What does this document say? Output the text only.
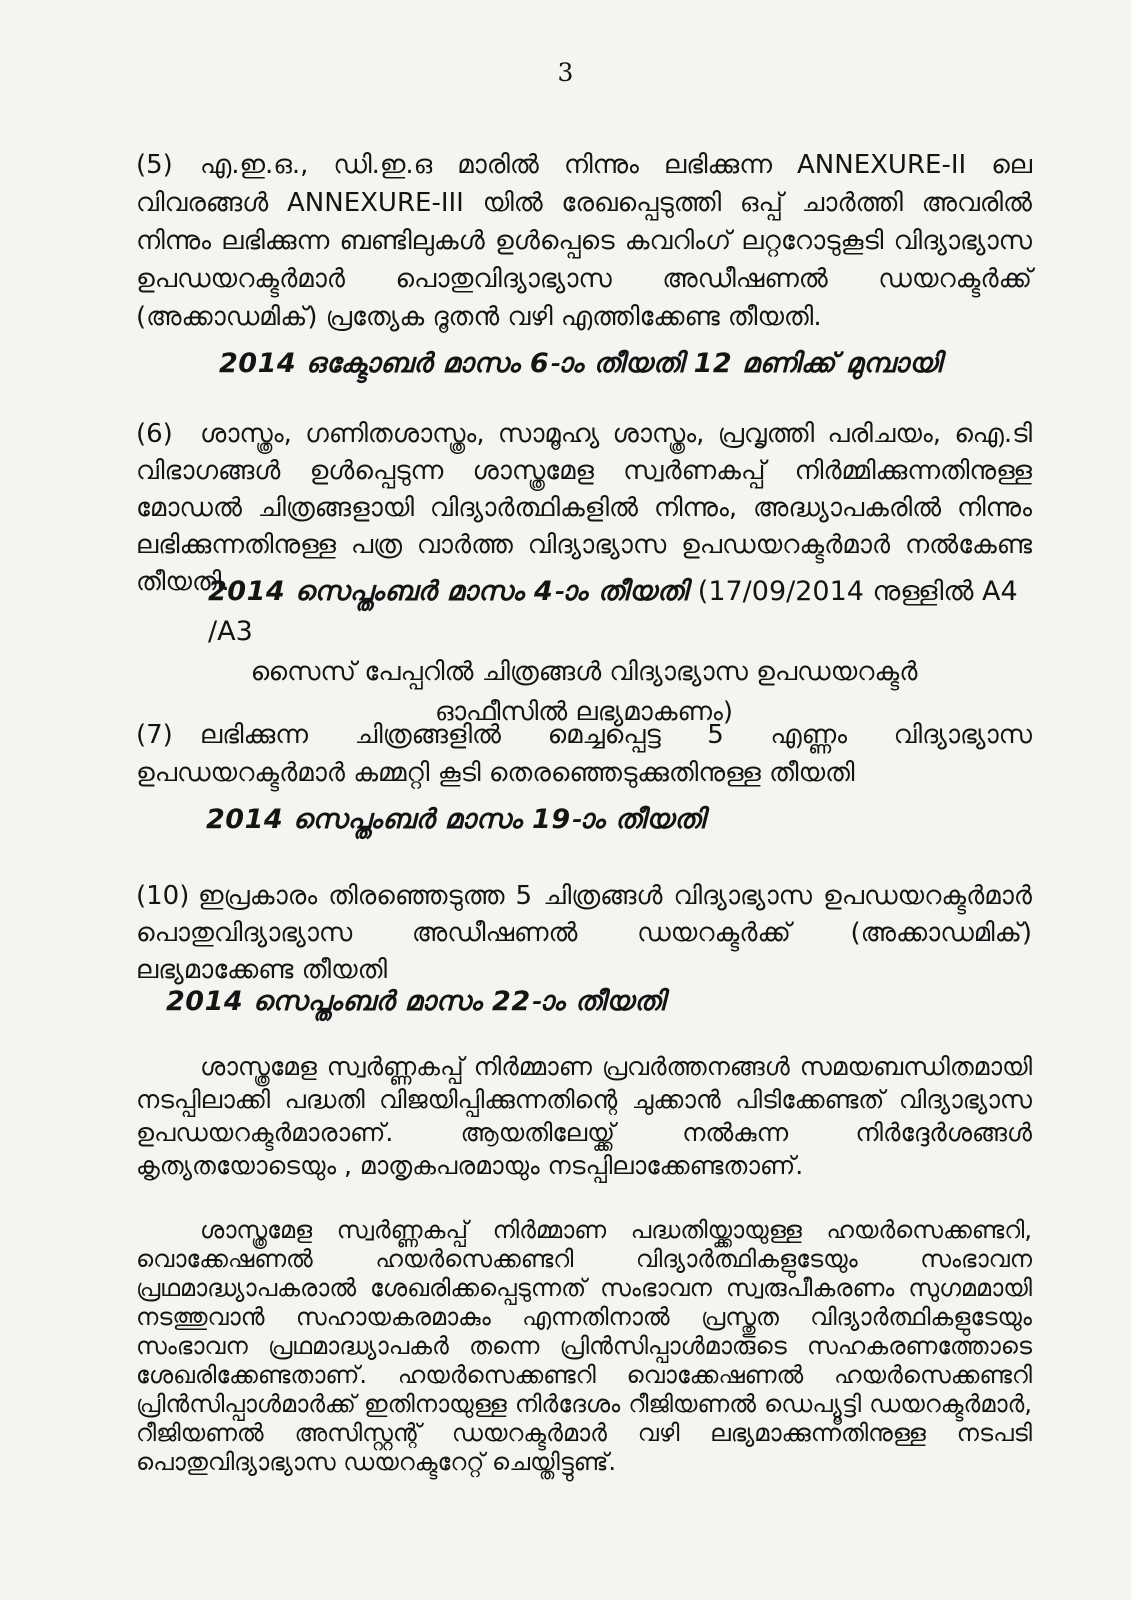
3

(5) എ.ഇ.ഒ., ഡി.ഇ.ഒ മാരിൽ നിന്നും ലഭിക്കുന്ന ANNEXURE-II ലെ വിവരങ്ങൾ ANNEXURE-III യിൽ രേഖപ്പെടുത്തി ഒപ്പ് ചാർത്തി അവരിൽ നിന്നും ലഭിക്കുന്ന ബണ്ടിലുകൾ ഉൾപ്പെടെ കവറിംഗ് ലറ്ററോടുകൂടി വിദ്യാഭ്യാസ ഉപഡയറക്ടർമാർ പൊതുവിദ്യാഭ്യാസ അഡീഷണൽ ഡയറക്ടർക്ക് (അക്കാഡമിക്) പ്രത്യേക ദൂതൻ വഴി എത്തിക്കേണ്ട തീയതി.

2014 ഒക്ടോബർ മാസം 6-ാം തീയതി 12 മണിക്ക് മുമ്പായി

(6) ശാസ്ത്രം, ഗണിതശാസ്ത്രം, സാമൂഹ്യ ശാസ്ത്രം, പ്രവൃത്തി പരിചയം, ഐ.ടി വിഭാഗങ്ങൾ ഉൾപ്പെടുന്ന ശാസ്ത്രമേള സ്വർണകപ്പ് നിർമ്മിക്കുന്നതിനുള്ള മോഡൽ ചിത്രങ്ങളായി വിദ്യാർത്ഥികളിൽ നിന്നും, അദ്ധ്യാപകരിൽ നിന്നും ലഭിക്കുന്നതിനുള്ള പത്ര വാർത്ത വിദ്യാഭ്യാസ ഉപഡയറക്ടർമാർ നൽകേണ്ട തീയതി.

2014 സെപ്തംബർ മാസം 4-ാം തീയതി (17/09/2014 നുള്ളിൽ A4 /A3

സൈസ് പേപ്പറിൽ ചിത്രങ്ങൾ വിദ്യാഭ്യാസ ഉപഡയറക്ടർ

ഓഫീസിൽ ലഭ്യമാകണം)

(7) ലഭിക്കുന്ന ചിത്രങ്ങളിൽ മെച്ചപ്പെട്ട 5 എണ്ണം വിദ്യാഭ്യാസ ഉപഡയറക്ടർമാർ കമ്മറ്റി കൂടി തെരഞ്ഞെടുക്കുതിനുള്ള തീയതി

2014 സെപ്തംബർ മാസം 19-ാം തീയതി

(10) ഇപ്രകാരം തിരഞ്ഞെടുത്ത 5 ചിത്രങ്ങൾ വിദ്യാഭ്യാസ ഉപഡയറക്ടർമാർ പൊതുവിദ്യാഭ്യാസ അഡീഷണൽ ഡയറക്ടർക്ക് (അക്കാഡമിക്) ലഭ്യമാക്കേണ്ട തീയതി

2014 സെപ്തംബർ മാസം 22-ാം തീയതി

ശാസ്ത്രമേള സ്വർണ്ണകപ്പ് നിർമ്മാണ പ്രവർത്തനങ്ങൾ സമയബന്ധിതമായി നടപ്പിലാക്കി പദ്ധതി വിജയിപ്പിക്കുന്നതിന്റെ ചുക്കാൻ പിടിക്കേണ്ടത് വിദ്യാഭ്യാസ ഉപഡയറക്ടർമാരാണ്. ആയതിലേയ്ക്ക് നൽകുന്ന നിർദ്ദേർശങ്ങൾ കൃത്യതയോടെയും , മാതൃകപരമായും നടപ്പിലാക്കേണ്ടതാണ്.

ശാസ്ത്രമേള സ്വർണ്ണകപ്പ് നിർമ്മാണ പദ്ധതിയ്ക്കായുള്ള ഹയർസെക്കണ്ടറി, വൊക്കേഷണൽ ഹയർസെക്കണ്ടറി വിദ്യാർത്ഥികളുടേയും സംഭാവന പ്രഥമാദ്ധ്യാപകരാൽ ശേഖരിക്കപ്പെടുന്നത് സംഭാവന സ്വരുപീകരണം സുഗമമായി നടത്തുവാൻ സഹായകരമാകും എന്നതിനാൽ പ്രസ്തുത വിദ്യാർത്ഥികളുടേയും സംഭാവന പ്രഥമാദ്ധ്യാപകർ തന്നെ പ്രിൻസിപ്പാൾമാരുടെ സഹകരണത്തോടെ ശേഖരിക്കേണ്ടതാണ്. ഹയർസെക്കണ്ടറി വൊക്കേഷണൽ ഹയർസെക്കണ്ടറി പ്രിൻസിപ്പാൾമാർക്ക് ഇതിനായുള്ള നിർദേശം റീജിയണൽ ഡെപ്യൂട്ടി ഡയറക്ടർമാർ, റീജിയണൽ അസിസ്റ്റന്റ് ഡയറക്ടർമാർ വഴി ലഭ്യമാക്കുന്നതിനുള്ള നടപടി പൊതുവിദ്യാഭ്യാസ ഡയറക്ടറേറ്റ് ചെയ്തിട്ടുണ്ട്.
